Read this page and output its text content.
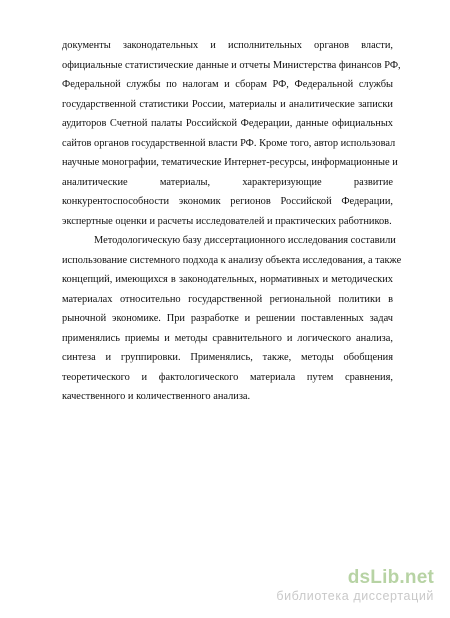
документы законодательных и исполнительных органов власти,
официальные статистические данные и отчеты Министерства финансов РФ,
Федеральной службы по налогам и сборам РФ, Федеральной службы
государственной статистики России, материалы и аналитические записки
аудиторов Счетной палаты Российской Федерации, данные официальных
сайтов органов государственной власти РФ. Кроме того, автор использовал
научные монографии, тематические Интернет-ресурсы, информационные и
аналитические материалы, характеризующие развитие
конкурентоспособности экономик регионов Российской Федерации,
экспертные оценки и расчеты исследователей и практических работников.
Методологическую базу диссертационного исследования составили
использование системного подхода к анализу объекта исследования, а также
концепций, имеющихся в законодательных, нормативных и методических
материалах относительно государственной региональной политики в
рыночной экономике. При разработке и решении поставленных задач
применялись приемы и методы сравнительного и логического анализа,
синтеза и группировки. Применялись, также, методы обобщения
теоретического и фактологического материала путем сравнения,
качественного и количественного анализа.
dsLib.net
библиотека диссертаций
